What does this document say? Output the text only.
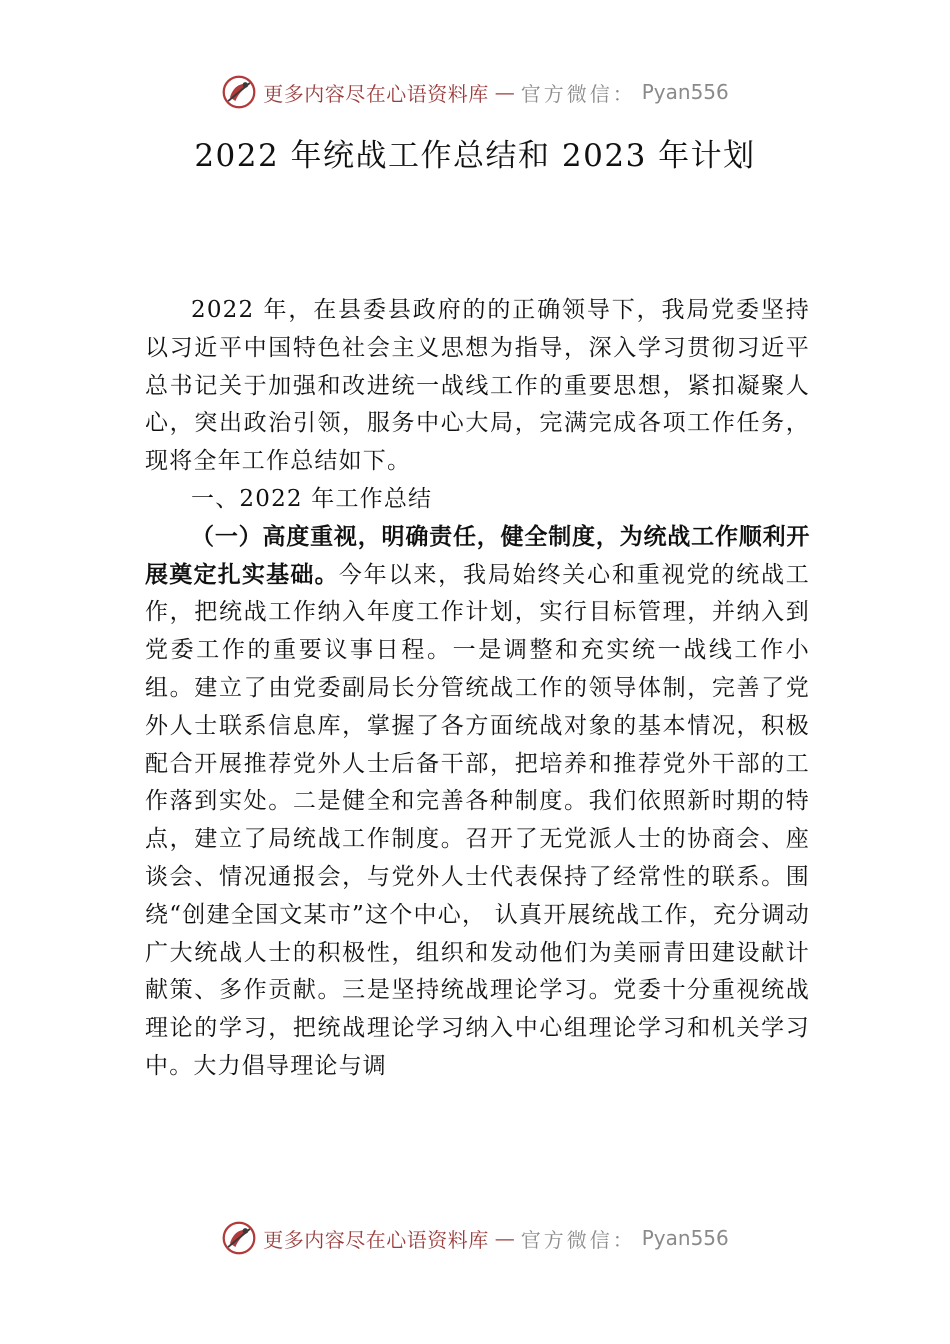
更多内容尽在心语资料库 — 官方微信： Pyan556
2022 年统战工作总结和 2023 年计划

2022 年，在县委县政府的的正确领导下，我局党委坚持以习近平中国特色社会主义思想为指导，深入学习贯彻习近平总书记关于加强和改进统一战线工作的重要思想，紧扣凝聚人心，突出政治引领，服务中心大局，完满完成各项工作任务，现将全年工作总结如下。

一、2022 年工作总结

（一）高度重视，明确责任，健全制度，为统战工作顺利开展奠定扎实基础。今年以来，我局始终关心和重视党的统战工作，把统战工作纳入年度工作计划，实行目标管理，并纳入到党委工作的重要议事日程。一是调整和充实统一战线工作小组。建立了由党委副局长分管统战工作的领导体制，完善了党外人士联系信息库，掌握了各方面统战对象的基本情况，积极配合开展推荐党外人士后备干部，把培养和推荐党外干部的工作落到实处。二是健全和完善各种制度。我们依照新时期的特点，建立了局统战工作制度。召开了无党派人士的协商会、座谈会、情况通报会，与党外人士代表保持了经常性的联系。围绕“创建全国文某市”这个中心， 认真开展统战工作，充分调动广大统战人士的积极性，组织和发动他们为美丽青田建设献计献策、多作贡献。三是坚持统战理论学习。党委十分重视统战理论的学习，把统战理论学习纳入中心组理论学习和机关学习中。大力倡导理论与调

更多内容尽在心语资料库 — 官方微信： Pyan556
